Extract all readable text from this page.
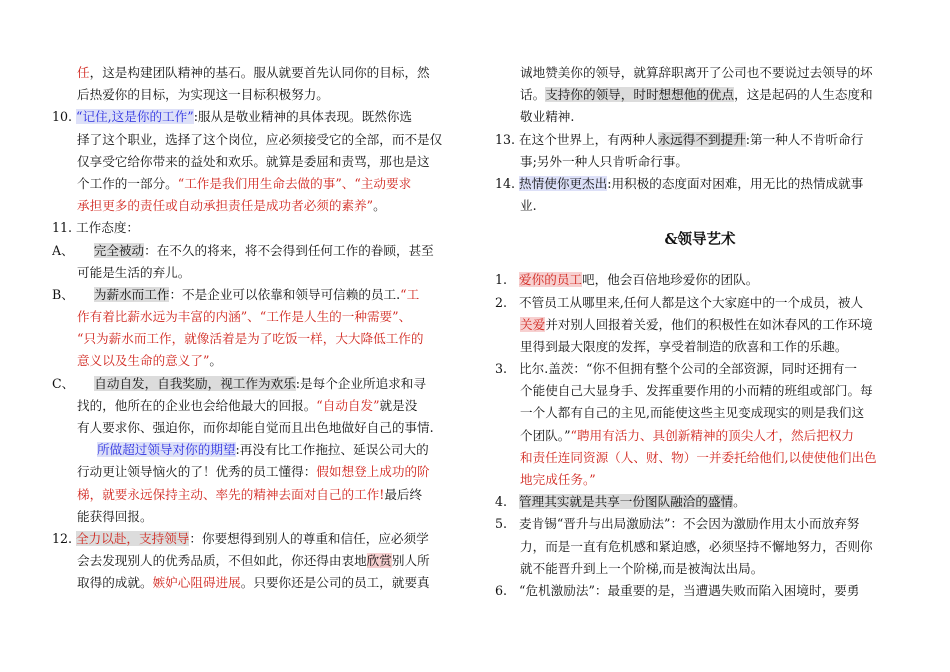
任，这是构建团队精神的基石。服从就要首先认同你的目标，然
后热爱你的目标，为实现这一目标积极努力。
10. “记住,这是你的工作”:服从是敬业精神的具体表现。既然你选
择了这个职业，选择了这个岗位，应必须接受它的全部，而不是仅
仅享受它给你带来的益处和欢乐。就算是委屈和责骂，那也是这
个工作的一部分。“工作是我们用生命去做的事”、“主动要求
承担更多的责任或自动承担责任是成功者必须的素养”。
11. 工作态度：
A、 完全被动：在不久的将来，将不会得到任何工作的眷顾，甚至
可能是生活的弃儿。
B、 为薪水而工作：不是企业可以依靠和领导可信赖的员工.“工
作有着比薪水远为丰富的内涵”、“工作是人生的一种需要”、
“只为薪水而工作，就像活着是为了吃饭一样，大大降低工作的
意义以及生命的意义了”。
C、 自动自发，自我奖励，视工作为欢乐:是每个企业所追求和寻
找的，他所在的企业也会给他最大的回报。“自动自发”就是没
有人要求你、强迫你，而你却能自觉而且出色地做好自己的事情.
所做超过领导对你的期望:再没有比工作拖拉、延误公司大的
行动更让领导恼火的了！优秀的员工懂得：假如想登上成功的阶
梯，就要永远保持主动、率先的精神去面对自己的工作!最后终
能获得回报。
12. 全力以赴，支持领导：你要想得到别人的尊重和信任，应必须学
会去发现别人的优秀品质，不但如此，你还得由衷地欣赏别人所
取得的成就。嫉妒心阻碍进展。只要你还是公司的员工，就要真
诚地赞美你的领导，就算辞职离开了公司也不要说过去领导的坏
话。支持你的领导，时时想想他的优点，这是起码的人生态度和
敬业精神.
13. 在这个世界上，有两种人永远得不到提升:第一种人不肯听命行
事;另外一种人只肯听命行事。
14. 热情使你更杰出:用积极的态度面对困难，用无比的热情成就事
业.
&领导艺术
1. 爱你的员工吧，他会百倍地珍爱你的团队。
2. 不管员工从哪里来,任何人都是这个大家庭中的一个成员，被人
关爱并对别人回报着关爱，他们的积极性在如沐春风的工作环境
里得到最大限度的发挥，享受着制造的欣喜和工作的乐趣。
3. 比尔.盖茨：“你不但拥有整个公司的全部资源，同时还拥有一
个能使自己大显身手、发挥重要作用的小而精的班组或部门。每
一个人都有自己的主见,而能使这些主见变成现实的则是我们这
个团队。”“聘用有活力、具创新精神的顶尖人才，然后把权力
和责任连同资源（人、财、物）一并委托给他们,以使使他们出色
地完成任务。”
4. 管理其实就是共享一份图队融洽的盛情。
5. 麦肯锡“晋升与出局激励法”：不会因为激励作用太小而放弃努
力，而是一直有危机感和紧迫感，必须坚持不懈地努力，否则你
就不能晋升到上一个阶梯,而是被淘汰出局。
6. “危机激励法”：最重要的是，当遭遇失败而陷入困境时，要勇
